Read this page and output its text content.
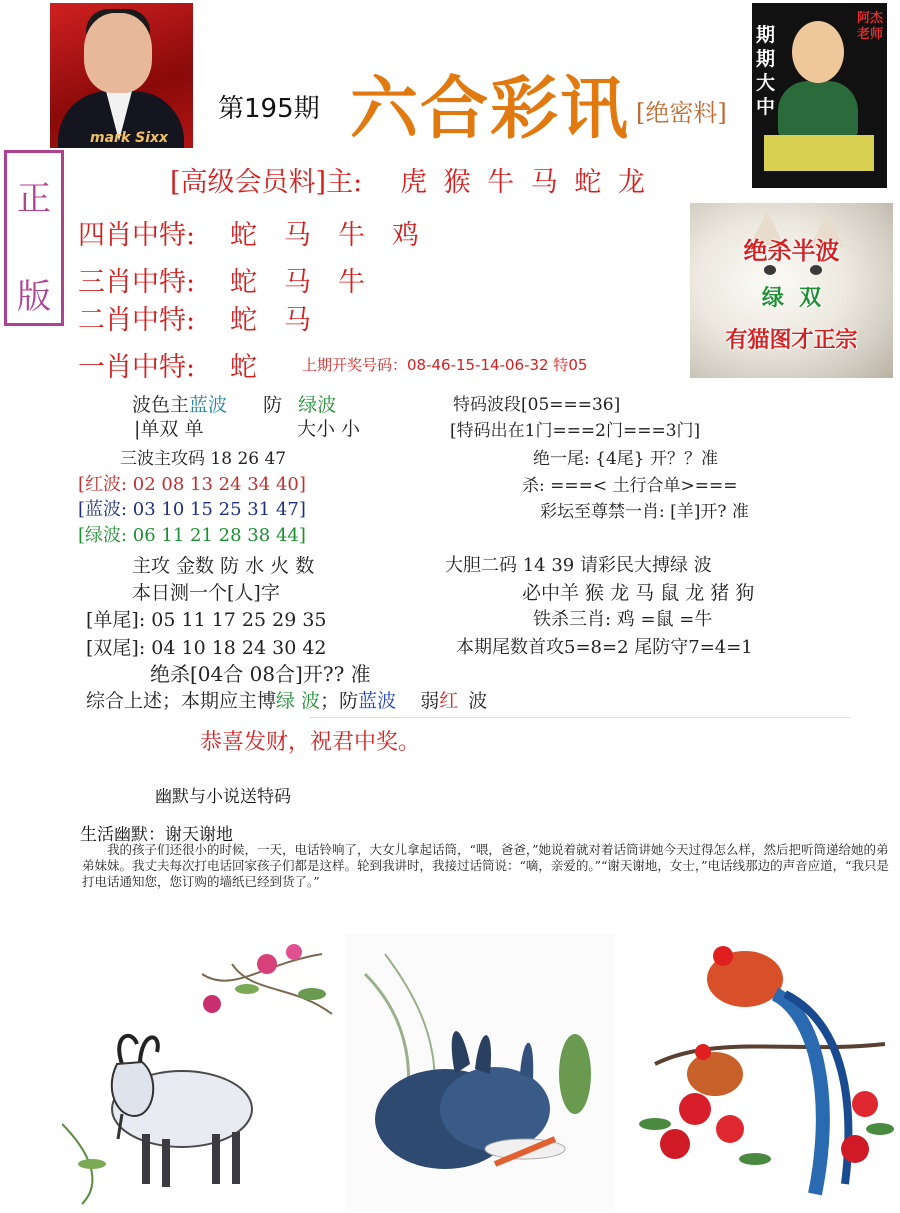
mark Sixx
第195期 六合彩讯 [绝密料]
期期大中
阿杰老师
正
版
[高级会员料]主: 虎 猴 牛 马 蛇 龙
四肖中特: 蛇　马　牛　鸡
三肖中特: 蛇　马　牛
二肖中特: 蛇　马
一肖中特: 蛇	上期开奖号码：08-46-15-14-06-32 特05
绝杀半波
绿  双
有猫图才正宗
波色主蓝波 防 绿波
|单双 单	大小 小
三波主攻码 18 26 47
[红波: 02 08 13 24 34 40]
[蓝波: 03 10 15 25 31 47]
[绿波: 06 11 21 28 38 44]
主攻 金数 防 水 火 数
本日测一个[人]字
[单尾]: 05 11 17 25 29 35
[双尾]: 04 10 18 24 30 42
绝杀[04合 08合]开?? 准
特码波段[05===36]
[特码出在1门===2门===3门]
绝一尾: {4尾} 开？？准
杀: ===< 土行合单>===
彩坛至尊禁一肖: [羊]开? 准
大胆二码 14 39 请彩民大搏绿 波
必中羊 猴 龙 马 鼠 龙 猪 狗
铁杀三肖: 鸡 =鼠 =牛
本期尾数首攻5=8=2 尾防守7=4=1
综合上述；本期应主博绿 波；防蓝波 弱红 波
恭喜发财，祝君中奖。
幽默与小说送特码
生活幽默：谢天谢地
我的孩子们还很小的时候，一天，电话铃响了，大女儿拿起话筒，“喂，爸爸，”她说着就对着话筒讲她今天过得怎么样，然后把听筒递给她的弟弟妹妹。我丈夫每次打电话回家孩子们都是这样。轮到我讲时，我接过话筒说：“嘀，亲爱的。”“谢天谢地，女士，”电话线那边的声音应道，“我只是打电话通知您，您订购的墙纸已经到货了。”
